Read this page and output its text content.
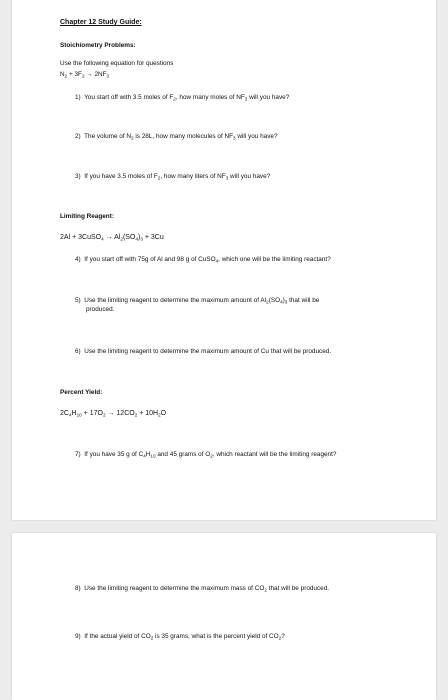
Chapter 12 Study Guide:
Stoichiometry Problems:
Use the following equation for questions
$N_2 + 3F_2 \to 2NF_3$
1) You start off with 3.5 moles of $F_2$, how many moles of $NF_3$ will you have?
2) The volume of $N_2$ is 28L, how many molecules of $NF_3$ will you have?
3) If you have 3.5 moles of $F_2$, how many liters of $NF_3$ will you have?
Limiting Reagent:
2Al + 3CuSO$_4$ → $Al_2(SO_4)_3 + 3Cu$
4) If you start off with 75g of Al and 98 g of CuSO$_4$, which one will be the limiting reactant?
5) Use the limiting reagent to determine the maximum amount of $Al_2(SO_4)_3$ that will be
produced.
6) Use the limiting reagent to determine the maximum amount of Cu that will be produced.
Percent Yield:
$2C_4H_{10} + 17O_2 \to 12CO_2 + 10H_2O$
7) If you have 35 g of $C_4H_{10}$ and 45 grams of $O_2$, which reactant will be the limiting reagent?
8) Use the limiting reagent to determine the maximum mass of $CO_2$ that will be produced.
9) If the actual yield of $CO_2$ is 35 grams, what is the percent yield of $CO_2$?
